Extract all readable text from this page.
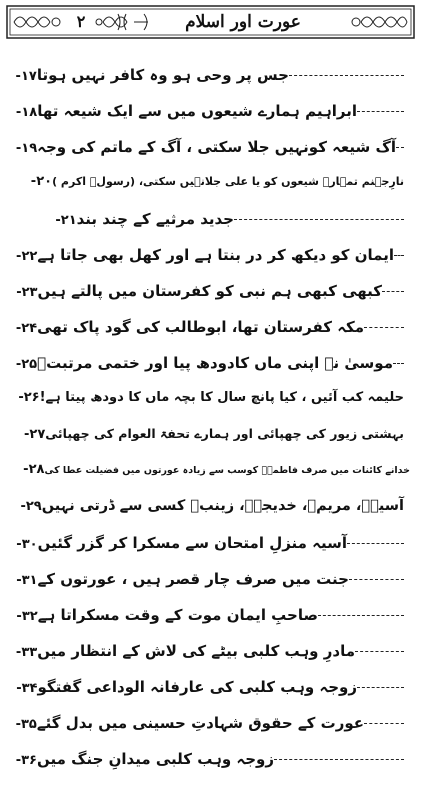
عورت اور اسلام
۲
۱۷- جس پر وحی ہو وہ کافر نہیں ہوتا
۱۸- ابراہیم ہمارے شیعوں میں سے ایک شیعہ تھا
۱۹- آگ شیعہ کونہیں جلا سکتی ، آگ کے ماتم کی وجہ
۲۰- نارِجہنم تمہارے شیعوں کو یا علی جلانہیں سکتی، (رسولؐ اکرم )
۲۱- جدید مرثیے کے چند بند
۲۲- ایمان کو دیکھ کر در بنتا ہے اور کھل بھی جاتا ہے
۲۳- کبھی کبھی ہم نبی کو کفرستان میں پالتے ہیں
۲۴- مکہ کفرستان تھا، ابوطالب کی گود پاک تھی
۲۵- موسیٰ نے اپنی ماں کادودھ پیا اور ختمی مرتبتؐ
۲۶- حلیمہ کب آئیں ، کیا پانچ سال کا بچہ ماں کا دودھ پیتا ہے!
۲۷- بہشتی زیور کی چھپائی اور ہمارے تحفۃ العوام کی چھپائی
۲۸- خدانے کائنات میں صرف فاطمہؑ کوسب سے زیادہ عورتوں میں فضیلت عطا کی
۲۹- آسیہؑ، مریمؑ، خدیجہؑ، زینبؑ کسی سے ڈرتی نہیں
۳۰- آسیہ منزلِ امتحان سے مسکرا کر گزر گئیں
۳۱- جنت میں صرف چار قصر ہیں ، عورتوں کے
۳۲- صاحبِ ایمان موت کے وقت مسکراتا ہے
۳۳- مادرِ وہب کلبی بیٹے کی لاش کے انتظار میں
۳۴- زوجہ وہب کلبی کی عارفانہ الوداعی گفتگو
۳۵- عورت کے حقوق شہادتِ حسینی میں بدل گئے
۳۶- زوجہ وہب کلبی میدانِ جنگ میں
